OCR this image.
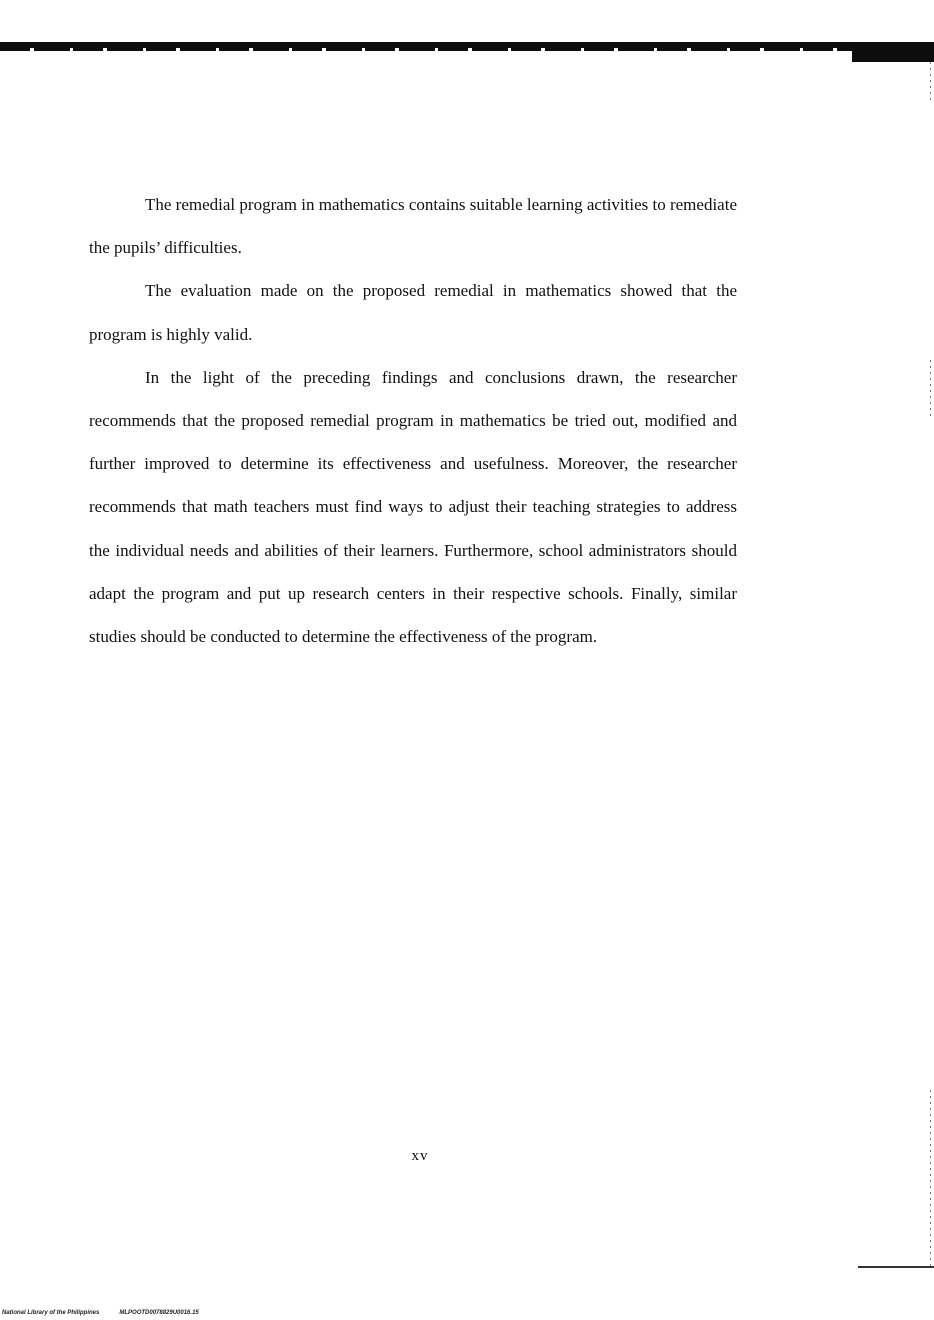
The remedial program in mathematics contains suitable learning activities to remediate the pupils’ difficulties.

The evaluation made on the proposed remedial in mathematics showed that the program is highly valid.

In the light of the preceding findings and conclusions drawn, the researcher recommends that the proposed remedial program in mathematics be tried out, modified and further improved to determine its effectiveness and usefulness. Moreover, the researcher recommends that math teachers must find ways to adjust their teaching strategies to address the individual needs and abilities of their learners. Furthermore, school administrators should adapt the program and put up research centers in their respective schools. Finally, similar studies should be conducted to determine the effectiveness of the program.

xv
National Library of the Philippines	MLPOOTD0078829U0016.15
